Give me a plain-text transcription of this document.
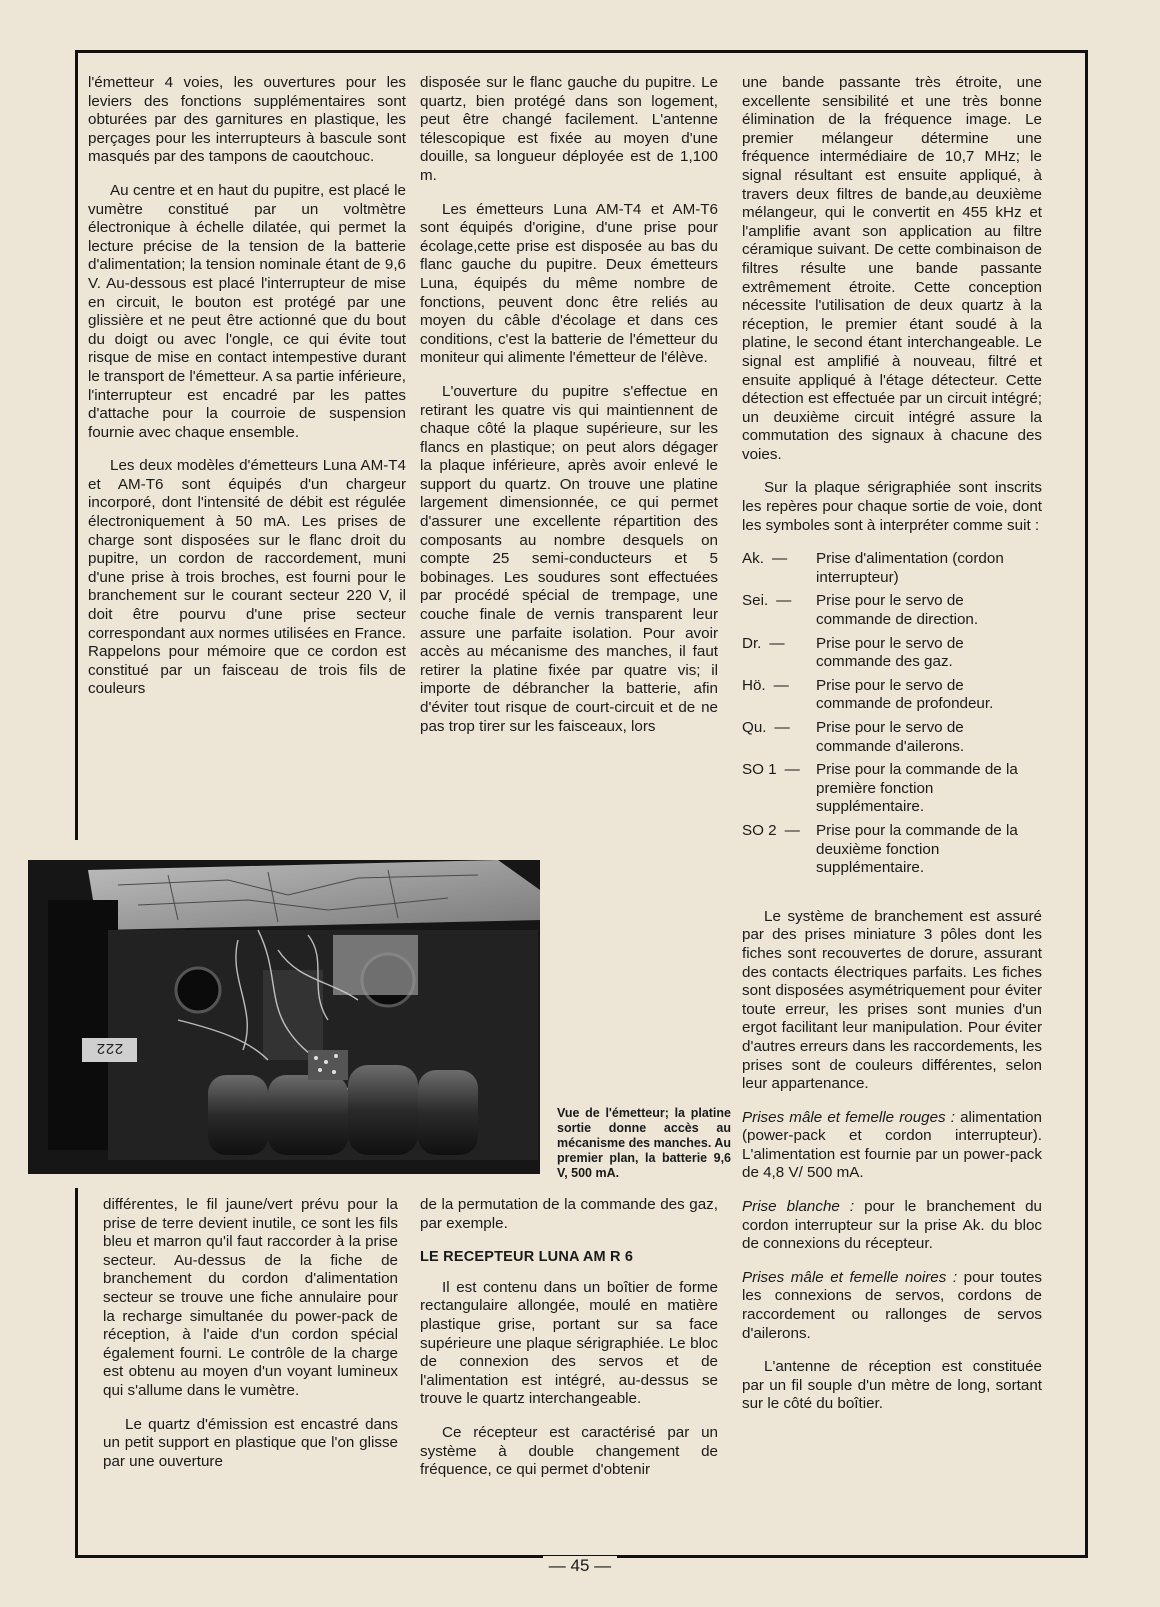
l'émetteur 4 voies, les ouvertures pour les leviers des fonctions supplémentaires sont obturées par des garnitures en plastique, les perçages pour les interrupteurs à bascule sont masqués par des tampons de caoutchouc.

Au centre et en haut du pupitre, est placé le vumètre constitué par un voltmètre électronique à échelle dilatée, qui permet la lecture précise de la tension de la batterie d'alimentation; la tension nominale étant de 9,6 V. Au-dessous est placé l'interrupteur de mise en circuit, le bouton est protégé par une glissière et ne peut être actionné que du bout du doigt ou avec l'ongle, ce qui évite tout risque de mise en contact intempestive durant le transport de l'émetteur. A sa partie inférieure, l'interrupteur est encadré par les pattes d'attache pour la courroie de suspension fournie avec chaque ensemble.

Les deux modèles d'émetteurs Luna AM-T4 et AM-T6 sont équipés d'un chargeur incorporé, dont l'intensité de débit est régulée électroniquement à 50 mA. Les prises de charge sont disposées sur le flanc droit du pupitre, un cordon de raccordement, muni d'une prise à trois broches, est fourni pour le branchement sur le courant secteur 220 V, il doit être pourvu d'une prise secteur correspondant aux normes utilisées en France. Rappelons pour mémoire que ce cordon est constitué par un faisceau de trois fils de couleurs

disposée sur le flanc gauche du pupitre. Le quartz, bien protégé dans son logement, peut être changé facilement. L'antenne télescopique est fixée au moyen d'une douille, sa longueur déployée est de 1,100 m.

Les émetteurs Luna AM-T4 et AM-T6 sont équipés d'origine, d'une prise pour écolage,cette prise est disposée au bas du flanc gauche du pupitre. Deux émetteurs Luna, équipés du même nombre de fonctions, peuvent donc être reliés au moyen du câble d'écolage et dans ces conditions, c'est la batterie de l'émetteur du moniteur qui alimente l'émetteur de l'élève.

L'ouverture du pupitre s'effectue en retirant les quatre vis qui maintiennent de chaque côté la plaque supérieure, sur les flancs en plastique; on peut alors dégager la plaque inférieure, après avoir enlevé le support du quartz. On trouve une platine largement dimensionnée, ce qui permet d'assurer une excellente répartition des composants au nombre desquels on compte 25 semi-conducteurs et 5 bobinages. Les soudures sont effectuées par procédé spécial de trempage, une couche finale de vernis transparent leur assure une parfaite isolation. Pour avoir accès au mécanisme des manches, il faut retirer la platine fixée par quatre vis; il importe de débrancher la batterie, afin d'éviter tout risque de court-circuit et de ne pas trop tirer sur les faisceaux, lors

une bande passante très étroite, une excellente sensibilité et une très bonne élimination de la fréquence image. Le premier mélangeur détermine une fréquence intermédiaire de 10,7 MHz; le signal résultant est ensuite appliqué, à travers deux filtres de bande,au deuxième mélangeur, qui le convertit en 455 kHz et l'amplifie avant son application au filtre céramique suivant. De cette combinaison de filtres résulte une bande passante extrêmement étroite. Cette conception nécessite l'utilisation de deux quartz à la réception, le premier étant soudé à la platine, le second étant interchangeable. Le signal est amplifié à nouveau, filtré et ensuite appliqué à l'étage détecteur. Cette détection est effectuée par un circuit intégré; un deuxième circuit intégré assure la commutation des signaux à chacune des voies.

Sur la plaque sérigraphiée sont inscrits les repères pour chaque sortie de voie, dont les symboles sont à interpréter comme suit :

Ak. —	Prise d'alimentation (cordon interrupteur)
Sei. —	Prise pour le servo de commande de direction.
Dr. —	Prise pour le servo de commande des gaz.
Hö. —	Prise pour le servo de commande de profondeur.
Qu. —	Prise pour le servo de commande d'ailerons.
SO 1 —	Prise pour la commande de la première fonction supplémentaire.
SO 2 —	Prise pour la commande de la deuxième fonction supplémentaire.

Le système de branchement est assuré par des prises miniature 3 pôles dont les fiches sont recouvertes de dorure, assurant des contacts électriques parfaits. Les fiches sont disposées asymétriquement pour éviter toute erreur, les prises sont munies d'un ergot facilitant leur manipulation. Pour éviter d'autres erreurs dans les raccordements, les prises sont de couleurs différentes, selon leur appartenance.

Prises mâle et femelle rouges : alimentation (power-pack et cordon interrupteur). L'alimentation est fournie par un power-pack de 4,8 V/ 500 mA.

Prise blanche : pour le branchement du cordon interrupteur sur la prise Ak. du bloc de connexions du récepteur.

Prises mâle et femelle noires : pour toutes les connexions de servos, cordons de raccordement ou rallonges de servos d'ailerons.

L'antenne de réception est constituée par un fil souple d'un mètre de long, sortant sur le côté du boîtier.

222
Vue de l'émetteur; la platine sortie donne accès au mécanisme des manches. Au premier plan, la batterie 9,6 V, 500 mA.

différentes, le fil jaune/vert prévu pour la prise de terre devient inutile, ce sont les fils bleu et marron qu'il faut raccorder à la prise secteur. Au-dessus de la fiche de branchement du cordon d'alimentation secteur se trouve une fiche annulaire pour la recharge simultanée du power-pack de réception, à l'aide d'un cordon spécial également fourni. Le contrôle de la charge est obtenu au moyen d'un voyant lumineux qui s'allume dans le vumètre.

Le quartz d'émission est encastré dans un petit support en plastique que l'on glisse par une ouverture

de la permutation de la commande des gaz, par exemple.

LE RECEPTEUR LUNA AM R 6

Il est contenu dans un boîtier de forme rectangulaire allongée, moulé en matière plastique grise, portant sur sa face supérieure une plaque sérigraphiée. Le bloc de connexion des servos et de l'alimentation est intégré, au-dessus se trouve le quartz interchangeable.

Ce récepteur est caractérisé par un système à double changement de fréquence, ce qui permet d'obtenir

— 45 —
